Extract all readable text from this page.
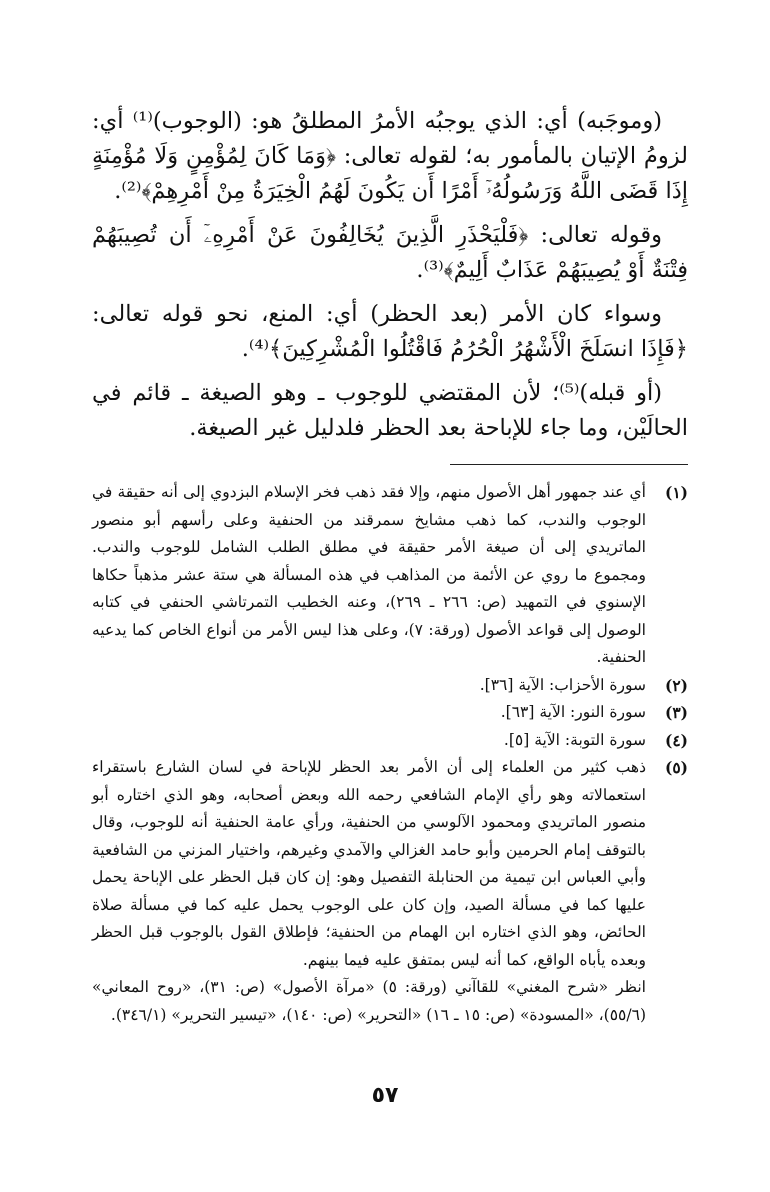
(وموجَبه) أي: الذي يوجبُه الأمرُ المطلقُ هو: (الوجوب)⁽¹⁾ أي: لزومُ الإتيان بالمأمور به؛ لقوله تعالى: ﴿وَمَا كَانَ لِمُؤْمِنٍ وَلَا مُؤْمِنَةٍ إِذَا قَضَى اللَّهُ وَرَسُولُهُۥٓ أَمْرًا أَن يَكُونَ لَهُمُ الْخِيَرَةُ مِنْ أَمْرِهِمْ﴾⁽²⁾.

وقوله تعالى: ﴿فَلْيَحْذَرِ الَّذِينَ يُخَالِفُونَ عَنْ أَمْرِهِۦٓ أَن تُصِيبَهُمْ فِتْنَةٌ أَوْ يُصِيبَهُمْ عَذَابٌ أَلِيمٌ﴾⁽³⁾.

وسواء كان الأمر (بعد الحظر) أي: المنع، نحو قوله تعالى: ﴿فَإِذَا انسَلَخَ الْأَشْهُرُ الْحُرُمُ فَاقْتُلُوا الْمُشْرِكِينَ﴾⁽⁴⁾.

(أو قبله)⁽⁵⁾؛ لأن المقتضي للوجوب ـ وهو الصيغة ـ قائم في الحالَيْن، وما جاء للإباحة بعد الحظر فلدليل غير الصيغة.

(١)
أي عند جمهور أهل الأصول منهم، وإلا فقد ذهب فخر الإسلام البزدوي إلى أنه حقيقة في الوجوب والندب، كما ذهب مشايخ سمرقند من الحنفية وعلى رأسهم أبو منصور الماتريدي إلى أن صيغة الأمر حقيقة في مطلق الطلب الشامل للوجوب والندب. ومجموع ما روي عن الأئمة من المذاهب في هذه المسألة هي ستة عشر مذهباً حكاها الإسنوي في التمهيد (ص: ٢٦٦ ـ ٢٦٩)، وعنه الخطيب التمرتاشي الحنفي في كتابه الوصول إلى قواعد الأصول (ورقة: ٧)، وعلى هذا ليس الأمر من أنواع الخاص كما يدعيه الحنفية.

(٢)
سورة الأحزاب: الآية [٣٦].

(٣)
سورة النور: الآية [٦٣].

(٤)
سورة التوبة: الآية [٥].

(٥)
ذهب كثير من العلماء إلى أن الأمر بعد الحظر للإباحة في لسان الشارع باستقراء استعمالاته وهو رأي الإمام الشافعي رحمه الله وبعض أصحابه، وهو الذي اختاره أبو منصور الماتريدي ومحمود الآلوسي من الحنفية، ورأي عامة الحنفية أنه للوجوب، وقال بالتوقف إمام الحرمين وأبو حامد الغزالي والآمدي وغيرهم، واختيار المزني من الشافعية وأبي العباس ابن تيمية من الحنابلة التفصيل وهو: إن كان قبل الحظر على الإباحة يحمل عليها كما في مسألة الصيد، وإن كان على الوجوب يحمل عليه كما في مسألة صلاة الحائض، وهو الذي اختاره ابن الهمام من الحنفية؛ فإطلاق القول بالوجوب قبل الحظر وبعده يأباه الواقع، كما أنه ليس بمتفق عليه فيما بينهم.

انظر «شرح المغني» للقاآني (ورقة: ٥) «مرآة الأصول» (ص: ٣١)، «روح المعاني» (٥٥/٦)، «المسودة» (ص: ١٥ ـ ١٦) «التحرير» (ص: ١٤٠)، «تيسير التحرير» (٣٤٦/١).

٥٧
